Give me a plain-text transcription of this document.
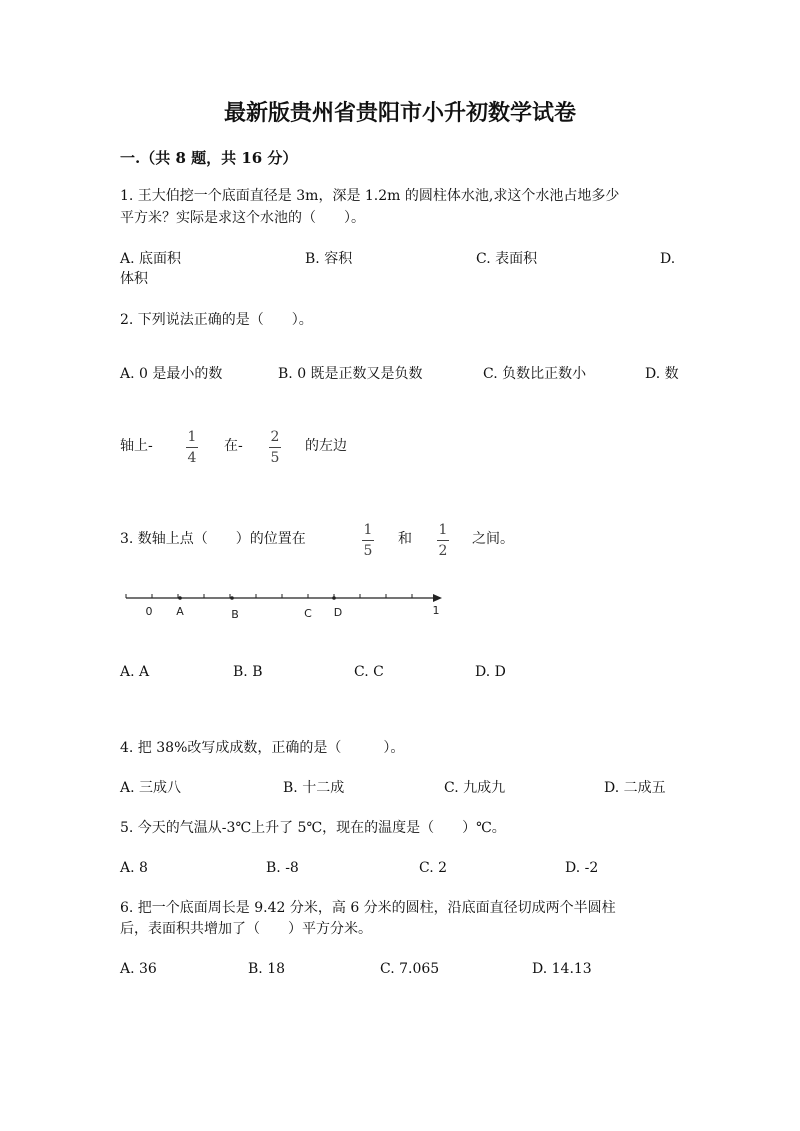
最新版贵州省贵阳市小升初数学试卷
一.（共 8 题，共 16 分）
1. 王大伯挖一个底面直径是 3m，深是 1.2m 的圆柱体水池,求这个水池占地多少
平方米？实际是求这个水池的（　　）。
A. 底面积	B. 容积	C. 表面积	D.
体积
2. 下列说法正确的是（　　）。
A. 0 是最小的数	B. 0 既是正数又是负数	C. 负数比正数小	D. 数
轴上-
1
4
在-
2
5
的左边
3. 数轴上点（　　）的位置在
1
5
和
1
2
之间。
0 A	B	C D	1
A. A	B. B	C. C	D. D
4. 把 38%改写成成数，正确的是（　　　）。
A. 三成八	B. 十二成	C. 九成九	D. 二成五
5. 今天的气温从-3℃上升了 5℃，现在的温度是（　　）℃。
A. 8	B. -8	C. 2	D. -2
6. 把一个底面周长是 9.42 分米，高 6 分米的圆柱，沿底面直径切成两个半圆柱
后，表面积共增加了（　　）平方分米。
A. 36	B. 18	C. 7.065	D. 14.13
